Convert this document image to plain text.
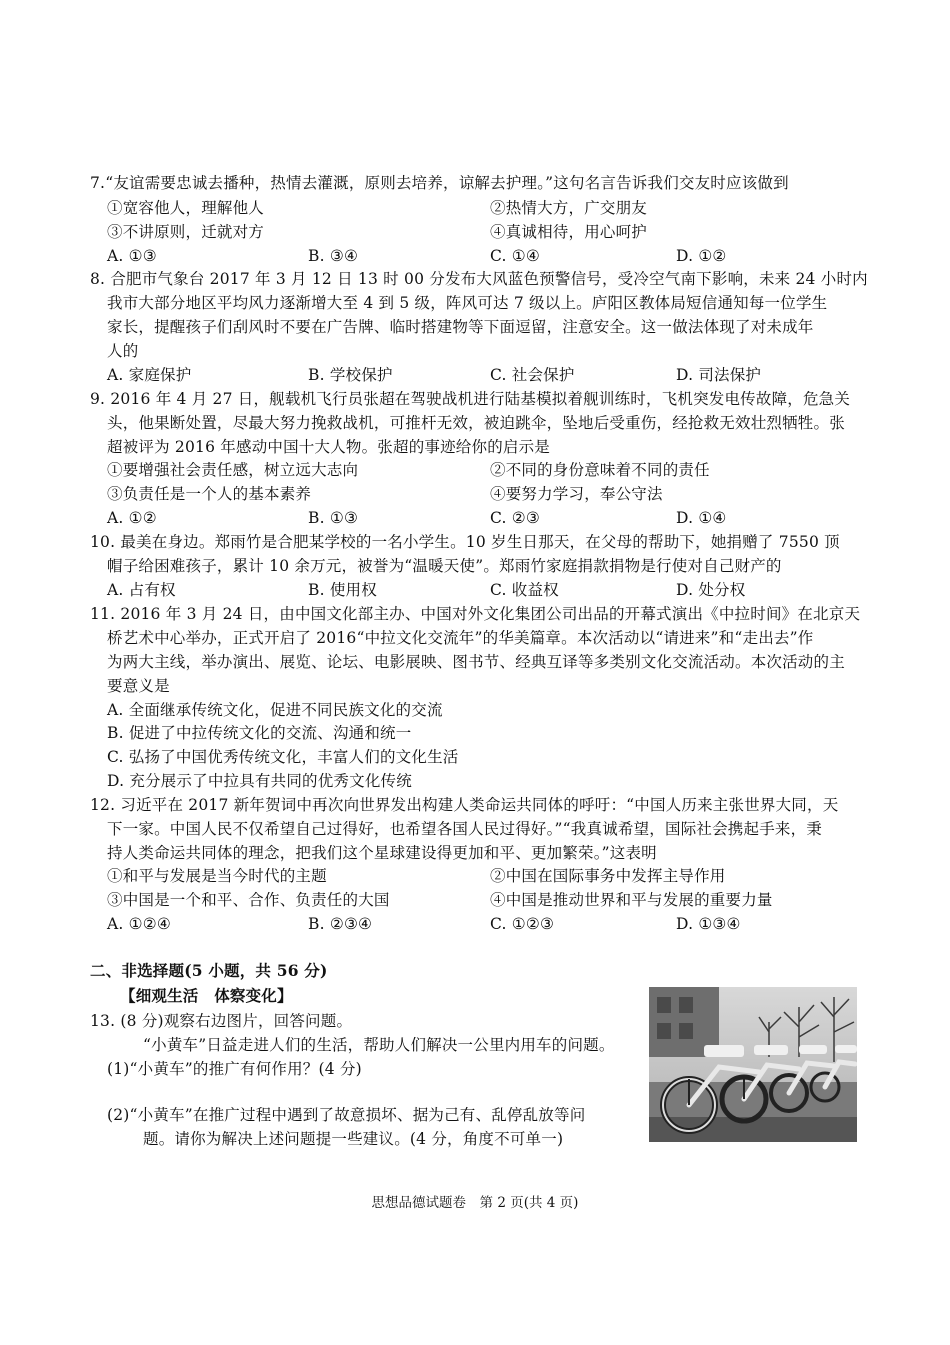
7.“友谊需要忠诚去播种，热情去灌溉，原则去培养，谅解去护理。”这句名言告诉我们交友时应该做到
①宽容他人，理解他人	②热情大方，广交朋友
③不讲原则，迁就对方	④真诚相待，用心呵护
A. ①③	B. ③④	C. ①④	D. ①②
8. 合肥市气象台 2017 年 3 月 12 日 13 时 00 分发布大风蓝色预警信号，受冷空气南下影响，未来 24 小时内
我市大部分地区平均风力逐渐增大至 4 到 5 级，阵风可达 7 级以上。庐阳区教体局短信通知每一位学生
家长，提醒孩子们刮风时不要在广告牌、临时搭建物等下面逗留，注意安全。这一做法体现了对未成年
人的
A. 家庭保护	B. 学校保护	C. 社会保护	D. 司法保护
9. 2016 年 4 月 27 日，舰载机飞行员张超在驾驶战机进行陆基模拟着舰训练时，飞机突发电传故障，危急关
头，他果断处置，尽最大努力挽救战机，可推杆无效，被迫跳伞，坠地后受重伤，经抢救无效壮烈牺牲。张
超被评为 2016 年感动中国十大人物。张超的事迹给你的启示是
①要增强社会责任感，树立远大志向	②不同的身份意味着不同的责任
③负责任是一个人的基本素养	④要努力学习，奉公守法
A. ①②	B. ①③	C. ②③	D. ①④
10. 最美在身边。郑雨竹是合肥某学校的一名小学生。10 岁生日那天，在父母的帮助下，她捐赠了 7550 顶
帽子给困难孩子，累计 10 余万元，被誉为“温暖天使”。郑雨竹家庭捐款捐物是行使对自己财产的
A. 占有权	B. 使用权	C. 收益权	D. 处分权
11. 2016 年 3 月 24 日，由中国文化部主办、中国对外文化集团公司出品的开幕式演出《中拉时间》在北京天
桥艺术中心举办，正式开启了 2016“中拉文化交流年”的华美篇章。本次活动以“请进来”和“走出去”作
为两大主线，举办演出、展览、论坛、电影展映、图书节、经典互译等多类别文化交流活动。本次活动的主
要意义是
A. 全面继承传统文化，促进不同民族文化的交流
B. 促进了中拉传统文化的交流、沟通和统一
C. 弘扬了中国优秀传统文化，丰富人们的文化生活
D. 充分展示了中拉具有共同的优秀文化传统
12. 习近平在 2017 新年贺词中再次向世界发出构建人类命运共同体的呼吁：“中国人历来主张世界大同，天
下一家。中国人民不仅希望自己过得好，也希望各国人民过得好。”“我真诚希望，国际社会携起手来，秉
持人类命运共同体的理念，把我们这个星球建设得更加和平、更加繁荣。”这表明
①和平与发展是当今时代的主题	②中国在国际事务中发挥主导作用
③中国是一个和平、合作、负责任的大国	④中国是推动世界和平与发展的重要力量
A. ①②④	B. ②③④	C. ①②③	D. ①③④
二、非选择题(5 小题，共 56 分)
【细观生活　体察变化】
13. (8 分)观察右边图片，回答问题。
“小黄车”日益走进人们的生活，帮助人们解决一公里内用车的问题。
(1)“小黄车”的推广有何作用？(4 分)
(2)“小黄车”在推广过程中遇到了故意损坏、据为己有、乱停乱放等问
题。请你为解决上述问题提一些建议。(4 分，角度不可单一)
思想品德试题卷　第 2 页(共 4 页)
